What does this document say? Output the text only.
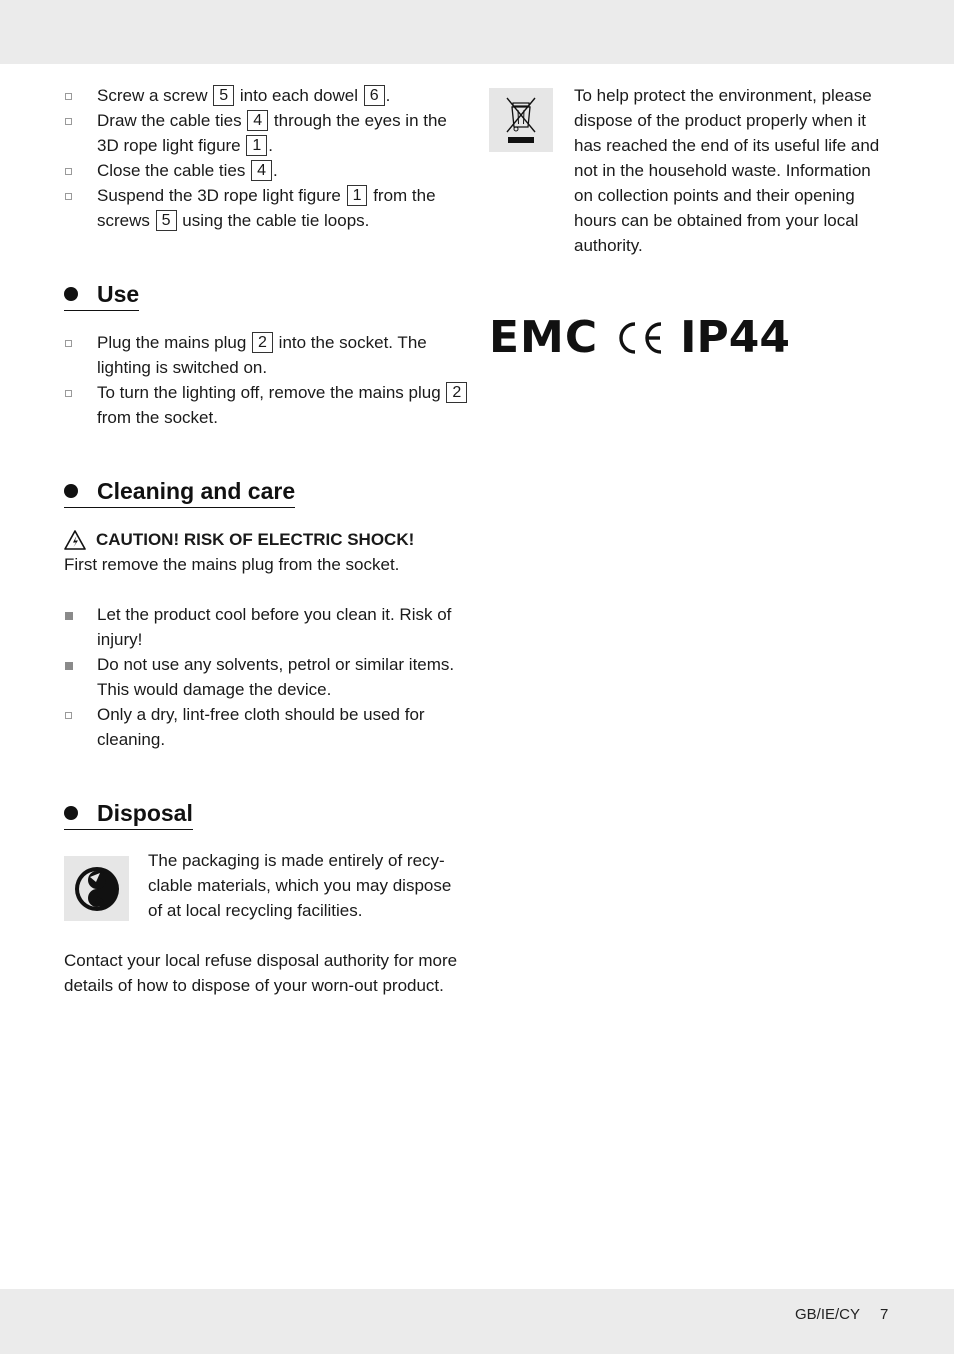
Screw a screw 5 into each dowel 6 .
Draw the cable ties 4 through the eyes in the 3D rope light figure 1 .
Close the cable ties 4 .
Suspend the 3D rope light figure 1 from the screws 5 using the cable tie loops.
Use
Plug the mains plug 2 into the socket. The lighting is switched on.
To turn the lighting off, remove the mains plug 2 from the socket.
Cleaning and care
CAUTION! RISK OF ELECTRIC SHOCK!
First remove the mains plug from the socket.
Let the product cool before you clean it. Risk of injury!
Do not use any solvents, petrol or similar items. This would damage the device.
Only a dry, lint-free cloth should be used for cleaning.
Disposal
The packaging is made entirely of recy-clable materials, which you may dispose of at local recycling facilities.
Contact your local refuse disposal authority for more details of how to dispose of your worn-out product.
To help protect the environment, please dispose of the product properly when it has reached the end of its useful life and not in the household waste. Information on collection points and their opening hours can be obtained from your local authority.
EMC IP44
GB/IE/CY 7
